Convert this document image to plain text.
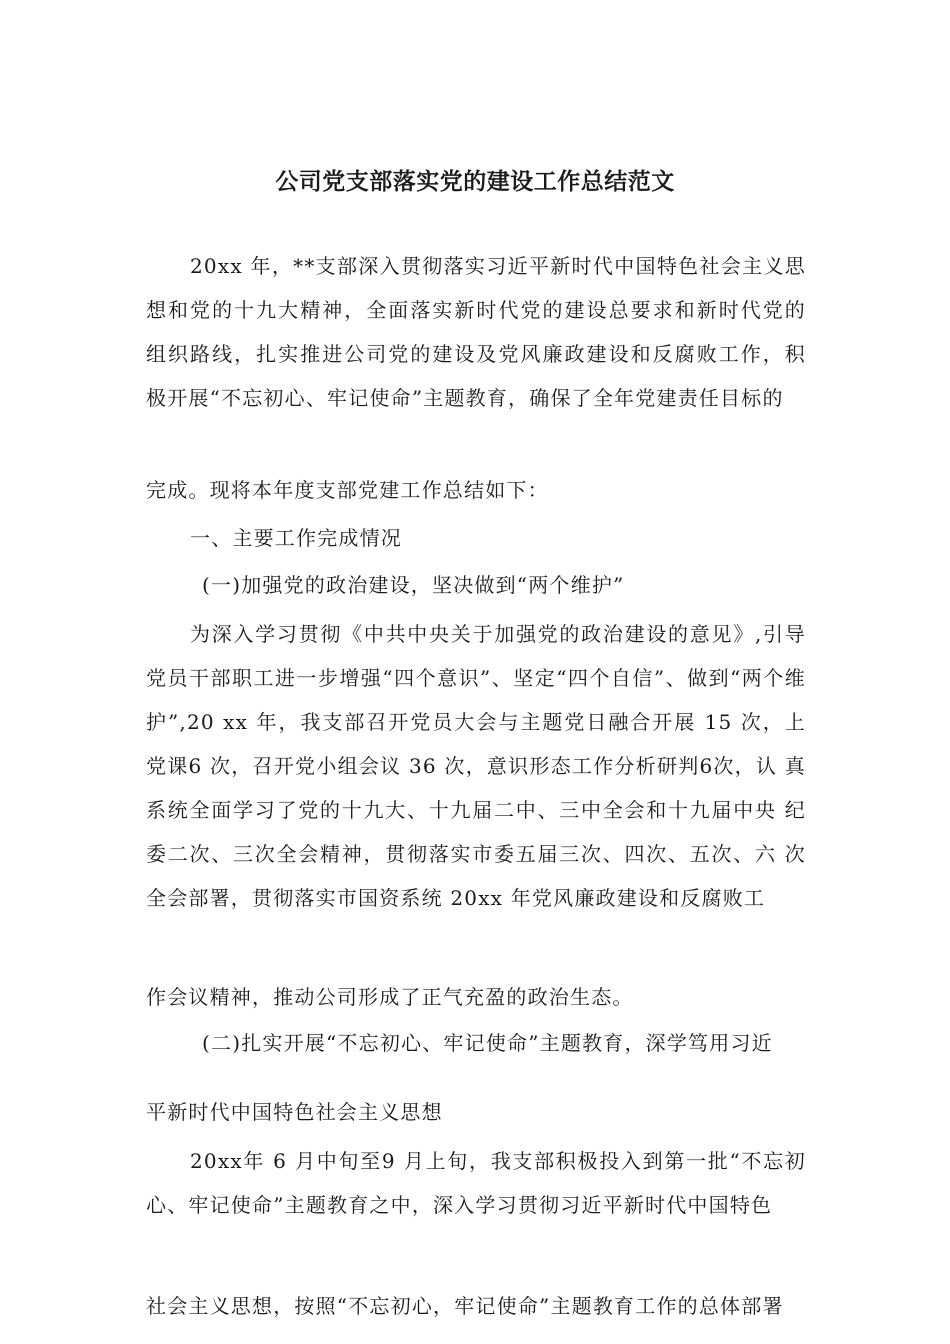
公司党支部落实党的建设工作总结范文

20xx 年，**支部深入贯彻落实习近平新时代中国特色社会主义思 想和党的十九大精神，全面落实新时代党的建设总要求和新时代党的 组织路线，扎实推进公司党的建设及党风廉政建设和反腐败工作，积 极开展“不忘初心、牢记使命”主题教育，确保了全年党建责任目标的

完成。现将本年度支部党建工作总结如下：

一、主要工作完成情况

(一)加强党的政治建设，坚决做到“两个维护”

为深入学习贯彻《中共中央关于加强党的政治建设的意见》,引导党员干部职工进一步增强“四个意识”、坚定“四个自信”、做到“两个维护”,20 xx 年，我支部召开党员大会与主题党日融合开展 15 次，上 党课6 次，召开党小组会议 36 次，意识形态工作分析研判6次，认 真系统全面学习了党的十九大、十九届二中、三中全会和十九届中央 纪委二次、三次全会精神，贯彻落实市委五届三次、四次、五次、六 次全会部署，贯彻落实市国资系统 20xx 年党风廉政建设和反腐败工

作会议精神，推动公司形成了正气充盈的政治生态。

(二)扎实开展“不忘初心、牢记使命”主题教育，深学笃用习近

平新时代中国特色社会主义思想

20xx年 6 月中旬至9 月上旬，我支部积极投入到第一批“不忘初 心、牢记使命”主题教育之中，深入学习贯彻习近平新时代中国特色

社会主义思想，按照“不忘初心，牢记使命”主题教育工作的总体部署
